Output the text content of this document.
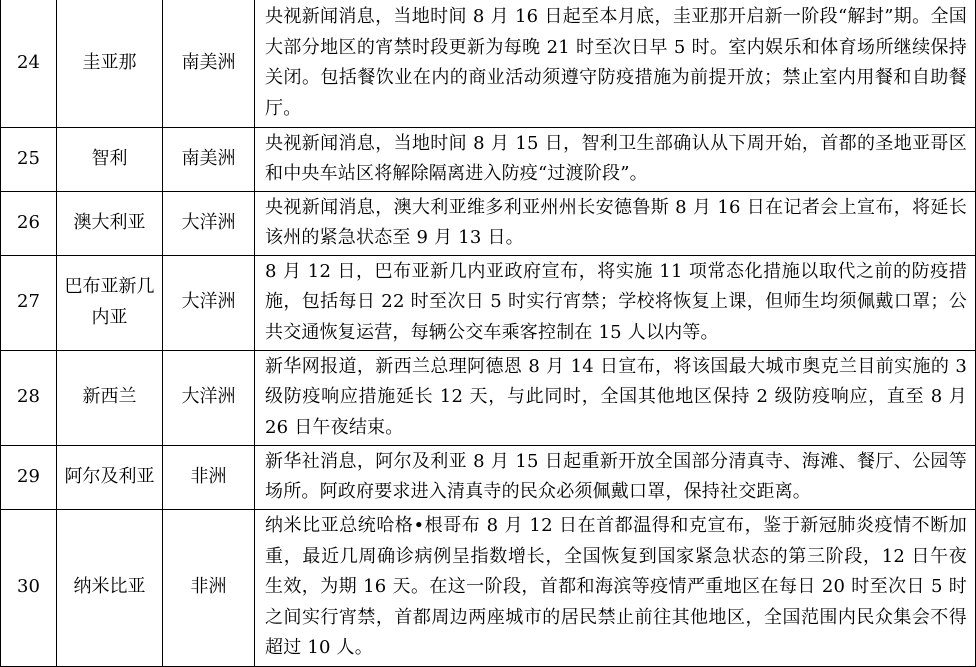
24	圭亚那	南美洲	央视新闻消息，当地时间 8 月 16 日起至本月底，圭亚那开启新一阶段“解封”期。全国大部分地区的宵禁时段更新为每晚 21 时至次日早 5 时。室内娱乐和体育场所继续保持关闭。包括餐饮业在内的商业活动须遵守防疫措施为前提开放；禁止室内用餐和自助餐厅。
25	智利	南美洲	央视新闻消息，当地时间 8 月 15 日，智利卫生部确认从下周开始，首都的圣地亚哥区和中央车站区将解除隔离进入防疫“过渡阶段”。
26	澳大利亚	大洋洲	央视新闻消息，澳大利亚维多利亚州州长安德鲁斯 8 月 16 日在记者会上宣布，将延长该州的紧急状态至 9 月 13 日。
27	巴布亚新几内亚	大洋洲	8 月 12 日，巴布亚新几内亚政府宣布，将实施 11 项常态化措施以取代之前的防疫措施，包括每日 22 时至次日 5 时实行宵禁；学校将恢复上课，但师生均须佩戴口罩；公共交通恢复运营，每辆公交车乘客控制在 15 人以内等。
28	新西兰	大洋洲	新华网报道，新西兰总理阿德恩 8 月 14 日宣布，将该国最大城市奥克兰目前实施的 3 级防疫响应措施延长 12 天，与此同时，全国其他地区保持 2 级防疫响应，直至 8 月 26 日午夜结束。
29	阿尔及利亚	非洲	新华社消息，阿尔及利亚 8 月 15 日起重新开放全国部分清真寺、海滩、餐厅、公园等场所。阿政府要求进入清真寺的民众必须佩戴口罩，保持社交距离。
30	纳米比亚	非洲	纳米比亚总统哈格•根哥布 8 月 12 日在首都温得和克宣布，鉴于新冠肺炎疫情不断加重，最近几周确诊病例呈指数增长，全国恢复到国家紧急状态的第三阶段，12 日午夜生效，为期 16 天。在这一阶段，首都和海滨等疫情严重地区在每日 20 时至次日 5 时之间实行宵禁，首都周边两座城市的居民禁止前往其他地区，全国范围内民众集会不得超过 10 人。
